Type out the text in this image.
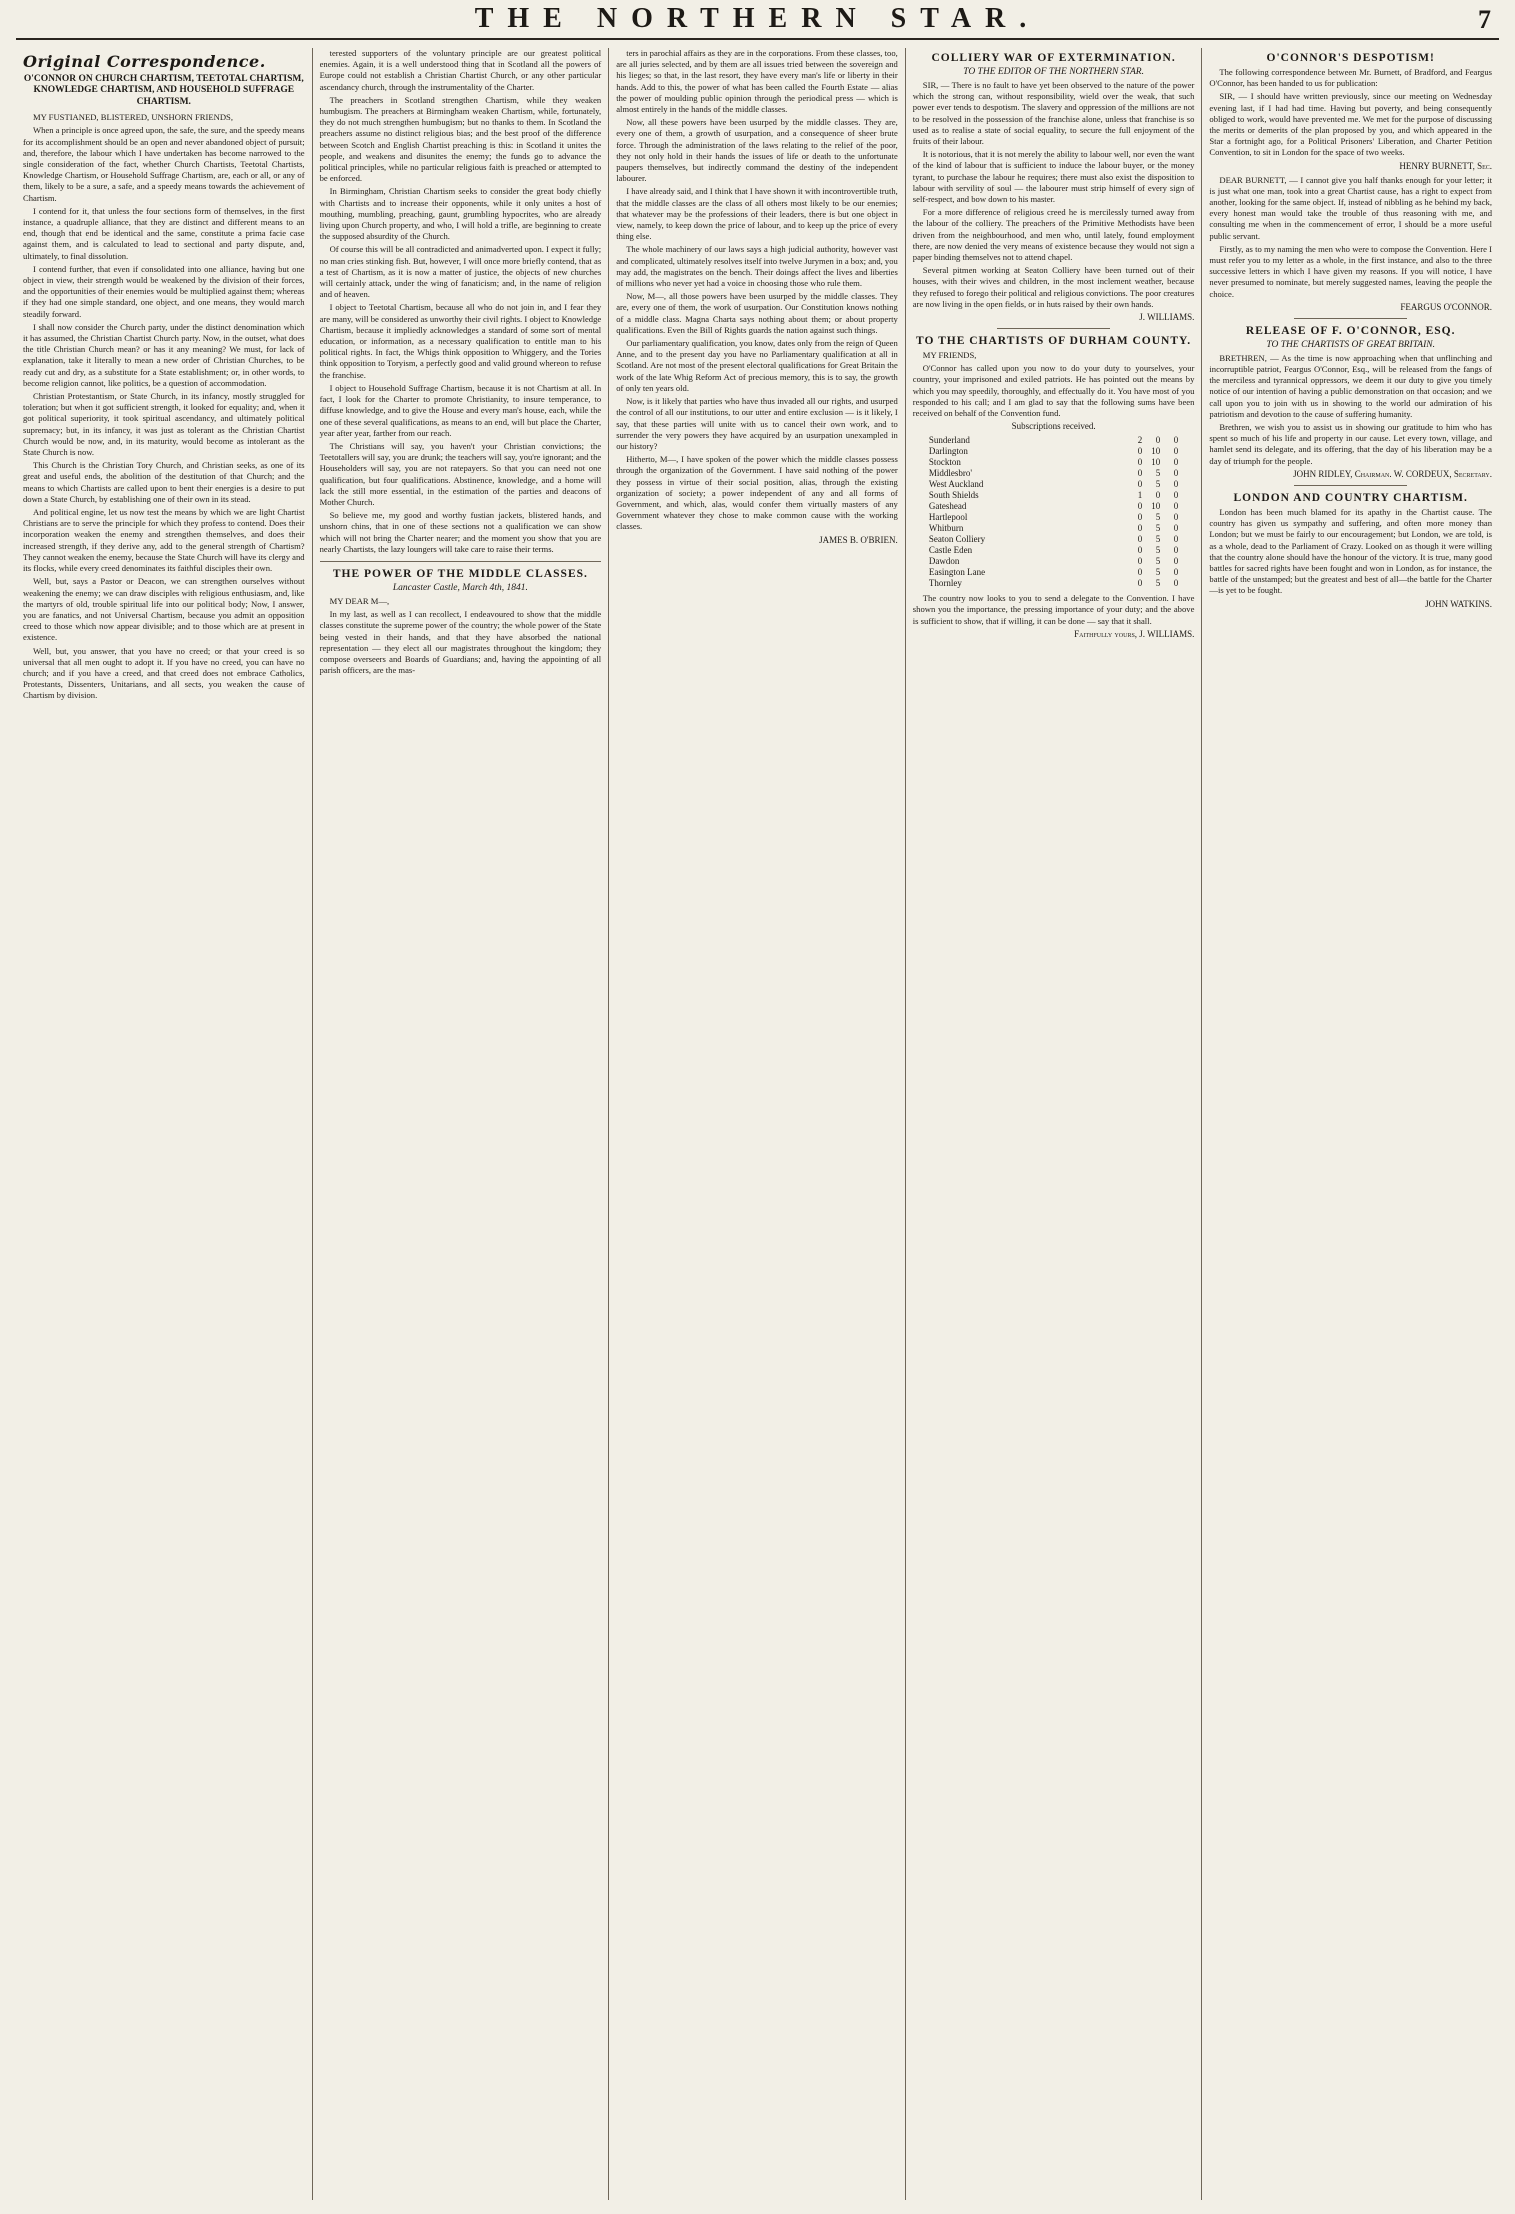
THE NORTHERN STAR.	7
Original Correspondence.
O'CONNOR ON CHURCH CHARTISM, TEETOTAL CHARTISM, KNOWLEDGE CHARTISM, AND HOUSEHOLD SUFFRAGE CHARTISM.

MY FUSTIANED, BLISTERED, UNSHORN FRIENDS,

When a principle is once agreed upon, the safe, the sure, and the speedy means for its accomplishment should be an open and never abandoned object of pursuit; and, therefore, the labour which I have undertaken has become narrowed to the single consideration of the fact, whether Church Chartists, Teetotal Chartists, Knowledge Chartism, or Household Suffrage Chartism, are, each or all, or any of them, likely to be a sure, a safe, and a speedy means towards the achievement of Chartism.

I contend for it, that unless the four sections form of themselves, in the first instance, a quadruple alliance, that they are distinct and different means to an end, though that end be identical and the same, constitute a prima facie case against them, and is calculated to lead to sectional and party dispute, and, ultimately, to final dissolution.

I contend further, that even if consolidated into one alliance, having but one object in view, their strength would be weakened by the division of their forces, and the opportunities of their enemies would be multiplied against them; whereas if they had one simple standard, one object, and one means, they would march steadily forward.

I shall now consider the Church party, under the distinct denomination which it has assumed, the Christian Chartist Church party. Now, in the outset, what does the title Christian Church mean? or has it any meaning? We must, for lack of explanation, take it literally to mean a new order of Christian Churches, to be ready cut and dry, as a substitute for a State establishment; or, in other words, to become religion cannot, like politics, be a question of accommodation.

Christian Protestantism, or State Church, in its infancy, mostly struggled for toleration; but when it got sufficient strength, it looked for equality; and, when it got political superiority, it took spiritual ascendancy, and ultimately political supremacy; but, in its infancy, it was just as tolerant as the Christian Chartist Church would be now, and, in its maturity, would become as intolerant as the State Church is now.

This Church is the Christian Tory Church, and Christian seeks, as one of its great and useful ends, the abolition of the destitution of that Church; and the means to which Chartists are called upon to bent their energies is a desire to put down a State Church, by establishing one of their own in its stead.

And political engine, let us now test the means by which we are light Chartist Christians are to serve the principle for which they profess to contend. Does their incorporation weaken the enemy and strengthen themselves, and does their increased strength, if they derive any, add to the general strength of Chartism? They cannot weaken the enemy, because the State Church will have its clergy and its flocks, while every creed denominates its faithful disciples their own.

Well, but, says a Pastor or Deacon, we can strengthen ourselves without weakening the enemy; we can draw disciples with religious enthusiasm, and, like the martyrs of old, trouble spiritual life into our political body; Now, I answer, you are fanatics, and not Universal Chartism, because you admit an opposition creed to those which now appear divisible; and to those which are at present in existence.

Well, but, you answer, that you have no creed; or that your creed is so universal that all men ought to adopt it. If you have no creed, you can have no church; and if you have a creed, and that creed does not embrace Catholics, Protestants, Dissenters, Unitarians, and all sects, you weaken the cause of Chartism by division.

terested supporters of the voluntary principle are our greatest political enemies. Again, it is a well understood thing that in Scotland all the powers of Europe could not establish a Christian Chartist Church, or any other particular ascendancy church, through the instrumentality of the Charter.

The preachers in Scotland strengthen Chartism, while they weaken humbugism. The preachers at Birmingham weaken Chartism, while, fortunately, they do not much strengthen humbugism; but no thanks to them. In Scotland the preachers assume no distinct religious bias; and the best proof of the difference between Scotch and English Chartist preaching is this: in Scotland it unites the people, and weakens and disunites the enemy; the funds go to advance the political principles, while no particular religious faith is preached or attempted to be enforced.

In Birmingham, Christian Chartism seeks to consider the great body chiefly with Chartists and to increase their opponents, while it only unites a host of mouthing, mumbling, preaching, gaunt, grumbling hypocrites, who are already living upon Church property, and who, I will hold a trifle, are beginning to create the supposed absurdity of the Church.

Of course this will be all contradicted and animadverted upon. I expect it fully; no man cries stinking fish. But, however, I will once more briefly contend, that as a test of Chartism, as it is now a matter of justice, the objects of new churches will certainly attack, under the wing of fanaticism; and, in the name of religion and of heaven.

I object to Teetotal Chartism, because all who do not join in, and I fear they are many, will be considered as unworthy their civil rights. I object to Knowledge Chartism, because it impliedly acknowledges a standard of some sort of mental education, or information, as a necessary qualification to entitle man to his political rights. In fact, the Whigs think opposition to Whiggery, and the Tories think opposition to Toryism, a perfectly good and valid ground whereon to refuse the franchise.

I object to Household Suffrage Chartism, because it is not Chartism at all. In fact, I look for the Charter to promote Christianity, to insure temperance, to diffuse knowledge, and to give the House and every man's house, each, while the one of these several qualifications, as means to an end, will but place the Charter, year after year, farther from our reach.

The Christians will say, you haven't your Christian convictions; the Teetotallers will say, you are drunk; the teachers will say, you're ignorant; and the Householders will say, you are not ratepayers. So that you can need not one qualification, but four qualifications. Abstinence, knowledge, and a home will lack the still more essential, in the estimation of the parties and deacons of Mother Church.

So believe me, my good and worthy fustian jackets, blistered hands, and unshorn chins, that in one of these sections not a qualification we can show which will not bring the Charter nearer; and the moment you show that you are nearly Chartists, the lazy loungers will take care to raise their terms.

THE POWER OF THE MIDDLE CLASSES.
Lancaster Castle, March 4th, 1841.

MY DEAR M—,

In my last, as well as I can recollect, I endeavoured to show that the middle classes constitute the supreme power of the country; the whole power of the State being vested in their hands, and that they have absorbed the national representation — they elect all our magistrates throughout the kingdom; they compose overseers and Boards of Guardians; and, having the appointing of all parish officers, are the mas-

ters in parochial affairs as they are in the corporations. From these classes, too, are all juries selected, and by them are all issues tried between the sovereign and his lieges; so that, in the last resort, they have every man's life or liberty in their hands. Add to this, the power of what has been called the Fourth Estate — alias the power of moulding public opinion through the periodical press — which is almost entirely in the hands of the middle classes.

Now, all these powers have been usurped by the middle classes. They are, every one of them, a growth of usurpation, and a consequence of sheer brute force. Through the administration of the laws relating to the relief of the poor, they not only hold in their hands the issues of life or death to the unfortunate paupers themselves, but indirectly command the destiny of the independent labourer.

I have already said, and I think that I have shown it with incontrovertible truth, that the middle classes are the class of all others most likely to be our enemies; that whatever may be the professions of their leaders, there is but one object in view, namely, to keep down the price of labour, and to keep up the price of every thing else.

The whole machinery of our laws says a high judicial authority, however vast and complicated, ultimately resolves itself into twelve Jurymen in a box; and, you may add, the magistrates on the bench. Their doings affect the lives and liberties of millions who never yet had a voice in choosing those who rule them.

Now, M—, all those powers have been usurped by the middle classes. They are, every one of them, the work of usurpation. Our Constitution knows nothing of a middle class. Magna Charta says nothing about them; or about property qualifications. Even the Bill of Rights guards the nation against such things.

Our parliamentary qualification, you know, dates only from the reign of Queen Anne, and to the present day you have no Parliamentary qualification at all in Scotland. Are not most of the present electoral qualifications for Great Britain the work of the late Whig Reform Act of precious memory, this is to say, the growth of only ten years old.

Now, is it likely that parties who have thus invaded all our rights, and usurped the control of all our institutions, to our utter and entire exclusion — is it likely, I say, that these parties will unite with us to cancel their own work, and to surrender the very powers they have acquired by an usurpation unexampled in our history?

Hitherto, M—, I have spoken of the power which the middle classes possess through the organization of the Government. I have said nothing of the power they possess in virtue of their social position, alias, through the existing organization of society; a power independent of any and all forms of Government, and which, alas, would confer them virtually masters of any Government whatever they chose to make common cause with the working classes.

JAMES B. O'BRIEN.
COLLIERY WAR OF EXTERMINATION.
TO THE EDITOR OF THE NORTHERN STAR.

SIR, — There is no fault to have yet been observed to the nature of the power which the strong can, without responsibility, wield over the weak, that such power ever tends to despotism. The slavery and oppression of the millions are not to be resolved in the possession of the franchise alone, unless that franchise is so used as to realise a state of social equality, to secure the full enjoyment of the fruits of their labour.

It is notorious, that it is not merely the ability to labour well, nor even the want of the kind of labour that is sufficient to induce the labour buyer, or the money tyrant, to purchase the labour he requires; there must also exist the disposition to labour with servility of soul — the labourer must strip himself of every sign of self-respect, and bow down to his master.

For a more difference of religious creed he is mercilessly turned away from the labour of the colliery. The preachers of the Primitive Methodists have been driven from the neighbourhood, and men who, until lately, found employment there, are now denied the very means of existence because they would not sign a paper binding themselves not to attend chapel.

Several pitmen working at Seaton Colliery have been turned out of their houses, with their wives and children, in the most inclement weather, because they refused to forego their political and religious convictions. The poor creatures are now living in the open fields, or in huts raised by their own hands.

J. WILLIAMS.
TO THE CHARTISTS OF DURHAM COUNTY.

MY FRIENDS,

O'Connor has called upon you now to do your duty to yourselves, your country, your imprisoned and exiled patriots. He has pointed out the means by which you may speedily, thoroughly, and effectually do it. You have most of you responded to his call; and I am glad to say that the following sums have been received on behalf of the Convention fund.

Subscriptions received.
Sunderland	2	0	0
Darlington	0	10	0
Stockton	0	10	0
Middlesbro'	0	5	0
West Auckland	0	5	0
South Shields	1	0	0
Gateshead	0	10	0
Hartlepool	0	5	0
Whitburn	0	5	0
Seaton Colliery	0	5	0
Castle Eden	0	5	0
Dawdon	0	5	0
Easington Lane	0	5	0
Thornley	0	5	0

The country now looks to you to send a delegate to the Convention. I have shown you the importance, the pressing importance of your duty; and the above is sufficient to show, that if willing, it can be done — say that it shall.

Faithfully yours, J. WILLIAMS.
O'CONNOR'S DESPOTISM!

The following correspondence between Mr. Burnett, of Bradford, and Feargus O'Connor, has been handed to us for publication:

SIR, — I should have written previously, since our meeting on Wednesday evening last, if I had had time. Having but poverty, and being consequently obliged to work, would have prevented me. We met for the purpose of discussing the merits or demerits of the plan proposed by you, and which appeared in the Star a fortnight ago, for a Political Prisoners' Liberation, and Charter Petition Convention, to sit in London for the space of two weeks.

HENRY BURNETT, Sec.

DEAR BURNETT, — I cannot give you half thanks enough for your letter; it is just what one man, took into a great Chartist cause, has a right to expect from another, looking for the same object. If, instead of nibbling as he behind my back, every honest man would take the trouble of thus reasoning with me, and consulting me when in the commencement of error, I should be a more useful public servant.

Firstly, as to my naming the men who were to compose the Convention. Here I must refer you to my letter as a whole, in the first instance, and also to the three successive letters in which I have given my reasons. If you will notice, I have never presumed to nominate, but merely suggested names, leaving the people the choice.

FEARGUS O'CONNOR.
RELEASE OF F. O'CONNOR, ESQ.
TO THE CHARTISTS OF GREAT BRITAIN.

BRETHREN, — As the time is now approaching when that unflinching and incorruptible patriot, Feargus O'Connor, Esq., will be released from the fangs of the merciless and tyrannical oppressors, we deem it our duty to give you timely notice of our intention of having a public demonstration on that occasion; and we call upon you to join with us in showing to the world our admiration of his patriotism and devotion to the cause of suffering humanity.

Brethren, we wish you to assist us in showing our gratitude to him who has spent so much of his life and property in our cause. Let every town, village, and hamlet send its delegate, and its offering, that the day of his liberation may be a day of triumph for the people.

JOHN RIDLEY, Chairman. W. CORDEUX, Secretary.
LONDON AND COUNTRY CHARTISM.

London has been much blamed for its apathy in the Chartist cause. The country has given us sympathy and suffering, and often more money than London; but we must be fairly to our encouragement; but London, we are told, is as a whole, dead to the Parliament of Crazy. Looked on as though it were willing that the country alone should have the honour of the victory. It is true, many good battles for sacred rights have been fought and won in London, as for instance, the battle of the unstamped; but the greatest and best of all—the battle for the Charter—is yet to be fought.

JOHN WATKINS.
